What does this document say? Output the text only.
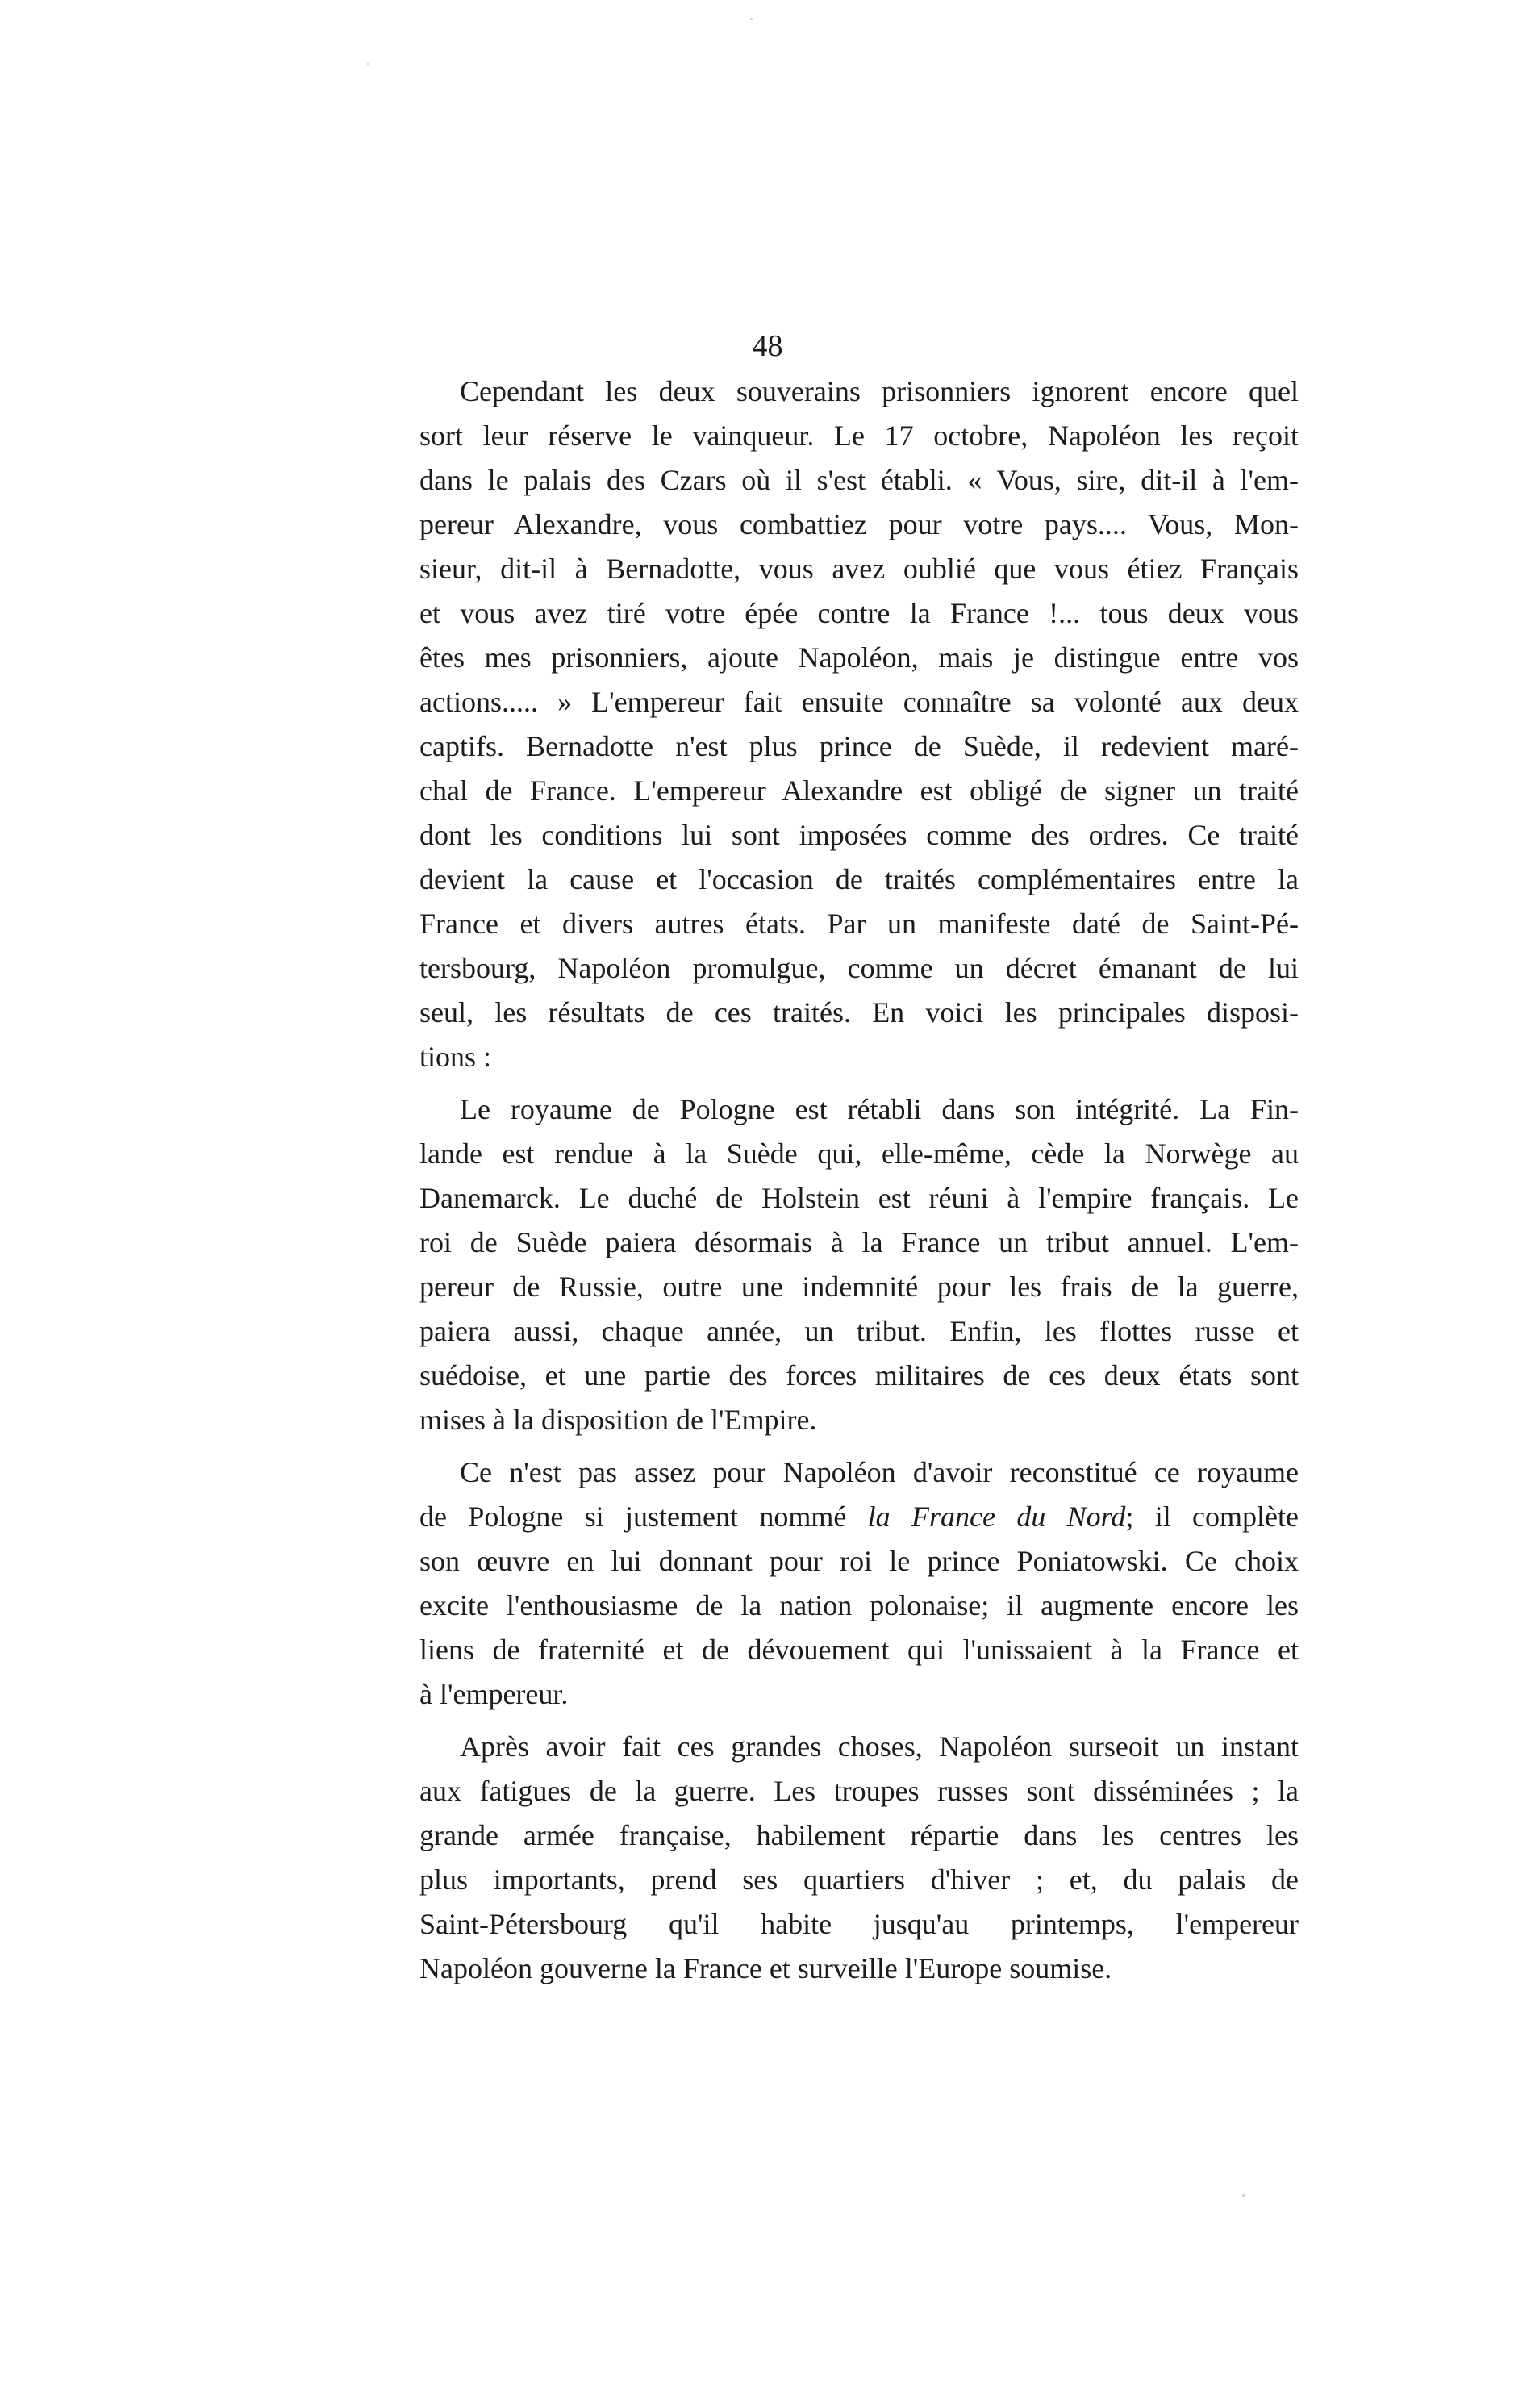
48

Cependant les deux souverains prisonniers ignorent encore quel
sort leur réserve le vainqueur. Le 17 octobre, Napoléon les reçoit
dans le palais des Czars où il s'est établi. « Vous, sire, dit-il à l'em-
pereur Alexandre, vous combattiez pour votre pays.... Vous, Mon-
sieur, dit-il à Bernadotte, vous avez oublié que vous étiez Français
et vous avez tiré votre épée contre la France !... tous deux vous
êtes mes prisonniers, ajoute Napoléon, mais je distingue entre vos
actions..... » L'empereur fait ensuite connaître sa volonté aux deux
captifs. Bernadotte n'est plus prince de Suède, il redevient maré-
chal de France. L'empereur Alexandre est obligé de signer un traité
dont les conditions lui sont imposées comme des ordres. Ce traité
devient la cause et l'occasion de traités complémentaires entre la
France et divers autres états. Par un manifeste daté de Saint-Pé-
tersbourg, Napoléon promulgue, comme un décret émanant de lui
seul, les résultats de ces traités. En voici les principales disposi-
tions :

Le royaume de Pologne est rétabli dans son intégrité. La Fin-
lande est rendue à la Suède qui, elle-même, cède la Norwège au
Danemarck. Le duché de Holstein est réuni à l'empire français. Le
roi de Suède paiera désormais à la France un tribut annuel. L'em-
pereur de Russie, outre une indemnité pour les frais de la guerre,
paiera aussi, chaque année, un tribut. Enfin, les flottes russe et
suédoise, et une partie des forces militaires de ces deux états sont
mises à la disposition de l'Empire.

Ce n'est pas assez pour Napoléon d'avoir reconstitué ce royaume
de Pologne si justement nommé la France du Nord; il complète
son œuvre en lui donnant pour roi le prince Poniatowski. Ce choix
excite l'enthousiasme de la nation polonaise; il augmente encore les
liens de fraternité et de dévouement qui l'unissaient à la France et
à l'empereur.

Après avoir fait ces grandes choses, Napoléon surseoit un instant
aux fatigues de la guerre. Les troupes russes sont disséminées ; la
grande armée française, habilement répartie dans les centres les
plus importants, prend ses quartiers d'hiver ; et, du palais de
Saint-Pétersbourg qu'il habite jusqu'au printemps, l'empereur
Napoléon gouverne la France et surveille l'Europe soumise.
